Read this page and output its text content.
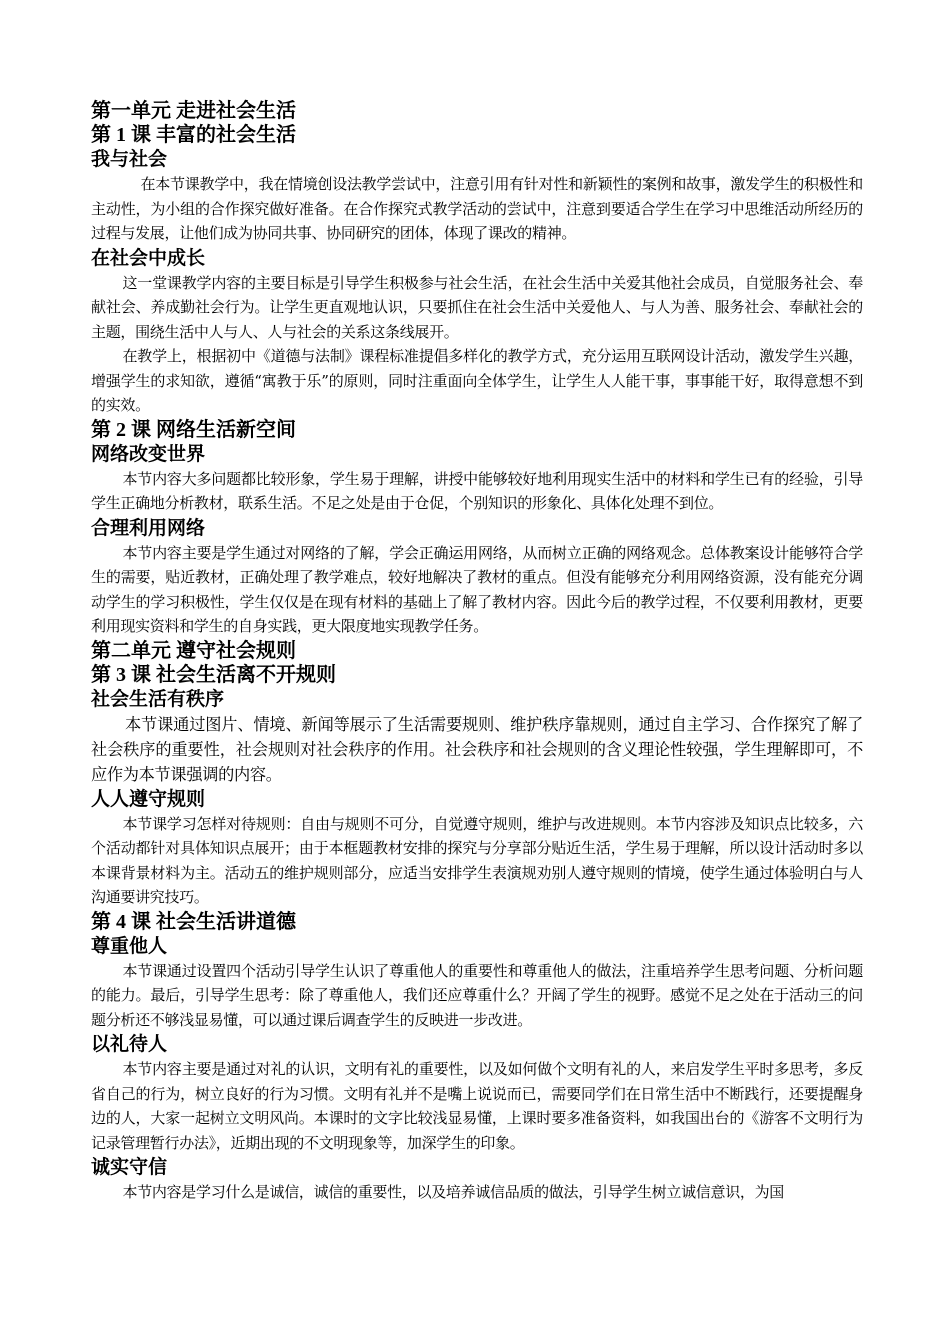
第一单元 走进社会生活
第 1 课 丰富的社会生活
我与社会

在本节课教学中，我在情境创设法教学尝试中，注意引用有针对性和新颖性的案例和故事，激发学生的积极性和主动性，为小组的合作探究做好准备。在合作探究式教学活动的尝试中，注意到要适合学生在学习中思维活动所经历的过程与发展，让他们成为协同共事、协同研究的团体，体现了课改的精神。

在社会中成长

这一堂课教学内容的主要目标是引导学生积极参与社会生活，在社会生活中关爱其他社会成员，自觉服务社会、奉献社会、养成勤社会行为。让学生更直观地认识，只要抓住在社会生活中关爱他人、与人为善、服务社会、奉献社会的主题，围绕生活中人与人、人与社会的关系这条线展开。

在教学上，根据初中《道德与法制》课程标准提倡多样化的教学方式，充分运用互联网设计活动，激发学生兴趣，增强学生的求知欲，遵循“寓教于乐”的原则，同时注重面向全体学生，让学生人人能干事，事事能干好，取得意想不到的实效。

第 2 课 网络生活新空间
网络改变世界

本节内容大多问题都比较形象，学生易于理解，讲授中能够较好地利用现实生活中的材料和学生已有的经验，引导学生正确地分析教材，联系生活。不足之处是由于仓促，个别知识的形象化、具体化处理不到位。

合理利用网络

本节内容主要是学生通过对网络的了解，学会正确运用网络，从而树立正确的网络观念。总体教案设计能够符合学生的需要，贴近教材，正确处理了教学难点，较好地解决了教材的重点。但没有能够充分利用网络资源，没有能充分调动学生的学习积极性，学生仅仅是在现有材料的基础上了解了教材内容。因此今后的教学过程，不仅要利用教材，更要利用现实资料和学生的自身实践，更大限度地实现教学任务。

第二单元 遵守社会规则
第 3 课 社会生活离不开规则
社会生活有秩序

本节课通过图片、情境、新闻等展示了生活需要规则、维护秩序靠规则，通过自主学习、合作探究了解了社会秩序的重要性，社会规则对社会秩序的作用。社会秩序和社会规则的含义理论性较强，学生理解即可，不应作为本节课强调的内容。

人人遵守规则

本节课学习怎样对待规则：自由与规则不可分，自觉遵守规则，维护与改进规则。本节内容涉及知识点比较多，六个活动都针对具体知识点展开；由于本框题教材安排的探究与分享部分贴近生活，学生易于理解，所以设计活动时多以本课背景材料为主。活动五的维护规则部分，应适当安排学生表演规劝别人遵守规则的情境，使学生通过体验明白与人沟通要讲究技巧。

第 4 课 社会生活讲道德
尊重他人

本节课通过设置四个活动引导学生认识了尊重他人的重要性和尊重他人的做法，注重培养学生思考问题、分析问题的能力。最后，引导学生思考：除了尊重他人，我们还应尊重什么？开阔了学生的视野。感觉不足之处在于活动三的问题分析还不够浅显易懂，可以通过课后调查学生的反映进一步改进。

以礼待人

本节内容主要是通过对礼的认识，文明有礼的重要性，以及如何做个文明有礼的人，来启发学生平时多思考，多反省自己的行为，树立良好的行为习惯。文明有礼并不是嘴上说说而已，需要同学们在日常生活中不断践行，还要提醒身边的人，大家一起树立文明风尚。本课时的文字比较浅显易懂，上课时要多准备资料，如我国出台的《游客不文明行为记录管理暂行办法》，近期出现的不文明现象等，加深学生的印象。

诚实守信

本节内容是学习什么是诚信，诚信的重要性，以及培养诚信品质的做法，引导学生树立诚信意识，为国
